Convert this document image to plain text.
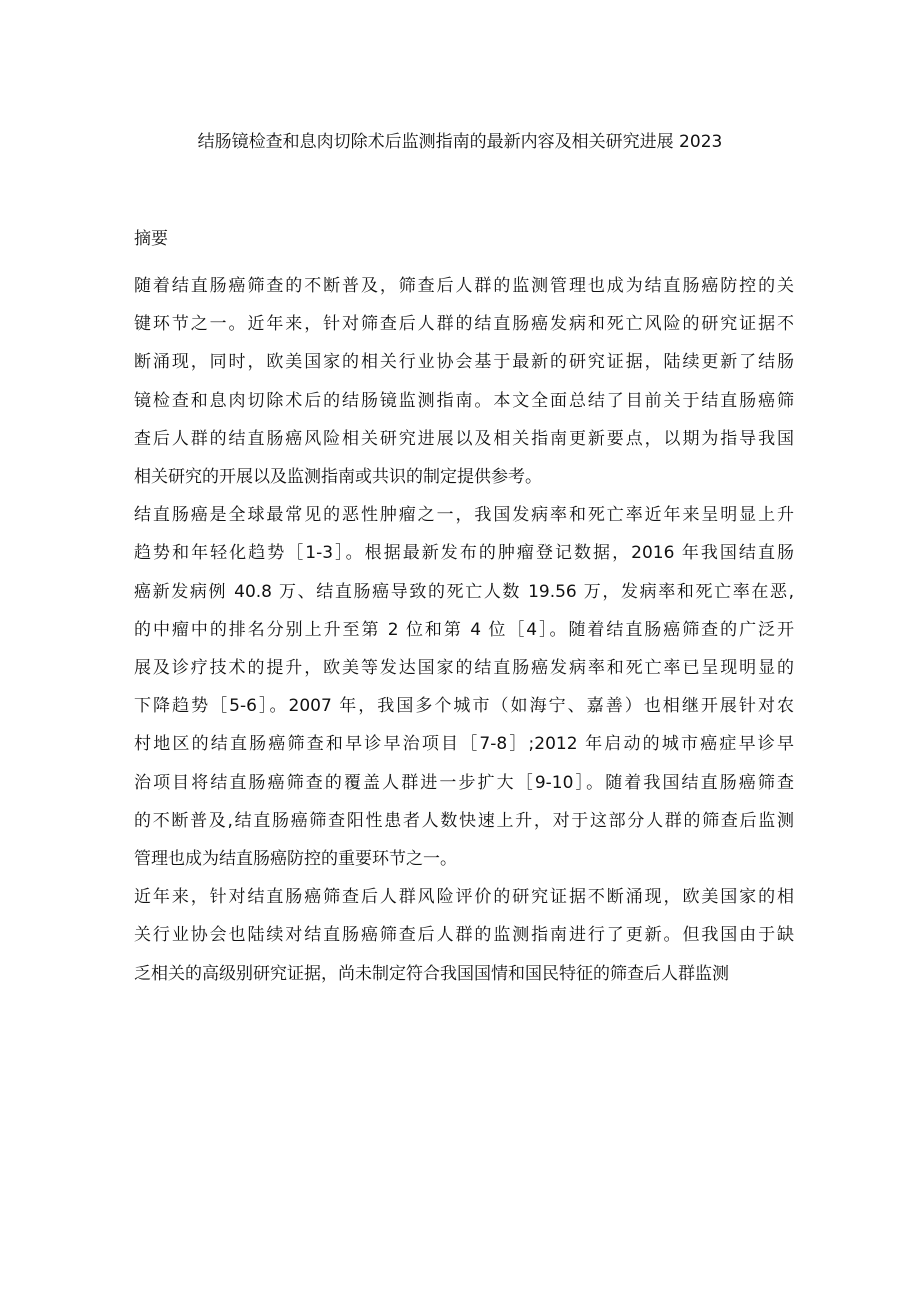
结肠镜检查和息肉切除术后监测指南的最新内容及相关研究进展 2023
摘要

随着结直肠癌筛查的不断普及，筛查后人群的监测管理也成为结直肠癌防控的关
键环节之一。近年来，针对筛查后人群的结直肠癌发病和死亡风险的研究证据不
断涌现，同时，欧美国家的相关行业协会基于最新的研究证据，陆续更新了结肠
镜检查和息肉切除术后的结肠镜监测指南。本文全面总结了目前关于结直肠癌筛
查后人群的结直肠癌风险相关研究进展以及相关指南更新要点，以期为指导我国
相关研究的开展以及监测指南或共识的制定提供参考。

结直肠癌是全球最常见的恶性肿瘤之一，我国发病率和死亡率近年来呈明显上升
趋势和年轻化趋势［1-3］。根据最新发布的肿瘤登记数据，2016 年我国结直肠
癌新发病例 40.8 万、结直肠癌导致的死亡人数 19.56 万，发病率和死亡率在恶,
的中瘤中的排名分别上升至第 2 位和第 4 位［4］。随着结直肠癌筛查的广泛开
展及诊疗技术的提升，欧美等发达国家的结直肠癌发病率和死亡率已呈现明显的
下降趋势［5-6］。2007 年，我国多个城市（如海宁、嘉善）也相继开展针对农
村地区的结直肠癌筛查和早诊早治项目［7-8］;2012 年启动的城市癌症早诊早
治项目将结直肠癌筛查的覆盖人群进一步扩大［9-10］。随着我国结直肠癌筛查
的不断普及,结直肠癌筛查阳性患者人数快速上升，对于这部分人群的筛查后监测
管理也成为结直肠癌防控的重要环节之一。

近年来，针对结直肠癌筛查后人群风险评价的研究证据不断涌现，欧美国家的相
关行业协会也陆续对结直肠癌筛查后人群的监测指南进行了更新。但我国由于缺
乏相关的高级别研究证据，尚未制定符合我国国情和国民特征的筛查后人群监测
